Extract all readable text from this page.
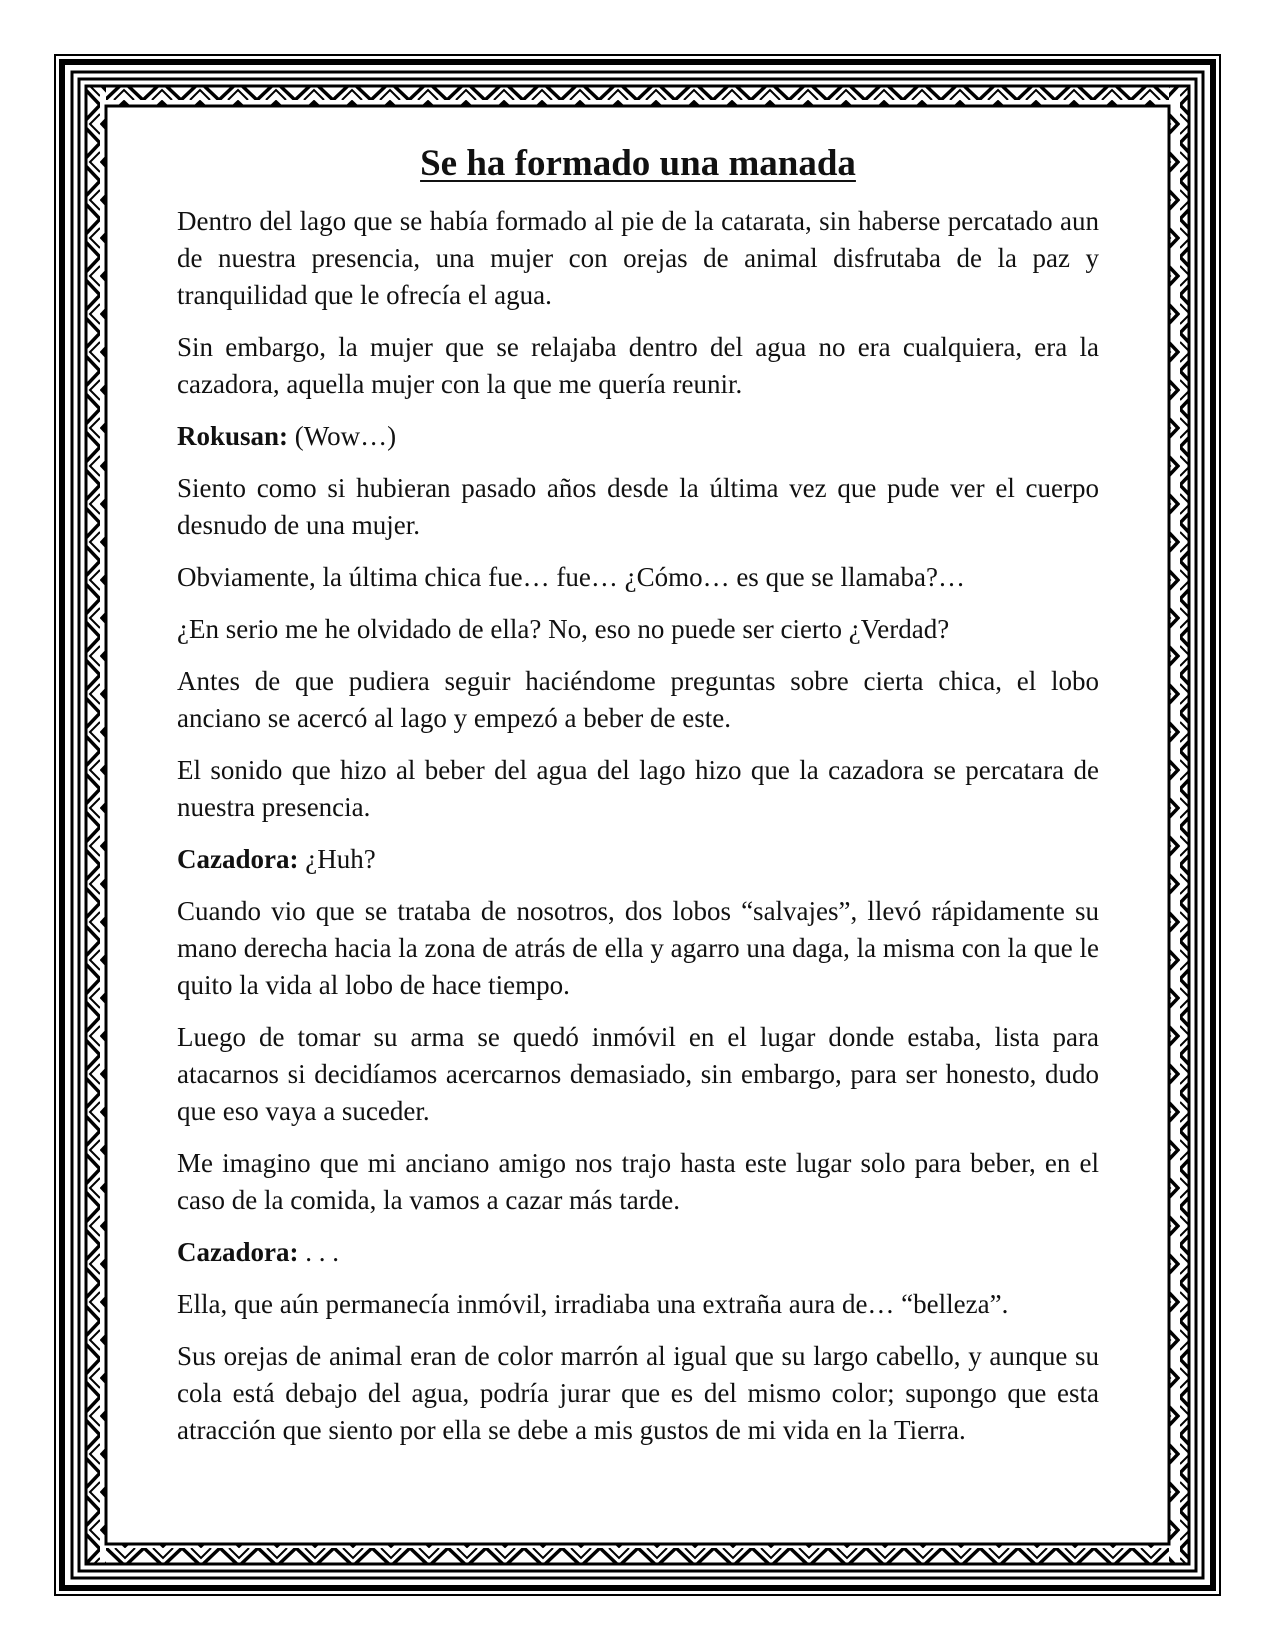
Se ha formado una manada

Dentro del lago que se había formado al pie de la catarata, sin haberse percatado aun de nuestra presencia, una mujer con orejas de animal disfrutaba de la paz y tranquilidad que le ofrecía el agua.

Sin embargo, la mujer que se relajaba dentro del agua no era cualquiera, era la cazadora, aquella mujer con la que me quería reunir.

Rokusan: (Wow…)

Siento como si hubieran pasado años desde la última vez que pude ver el cuerpo desnudo de una mujer.

Obviamente, la última chica fue… fue… ¿Cómo… es que se llamaba?…

¿En serio me he olvidado de ella? No, eso no puede ser cierto ¿Verdad?

Antes de que pudiera seguir haciéndome preguntas sobre cierta chica, el lobo anciano se acercó al lago y empezó a beber de este.

El sonido que hizo al beber del agua del lago hizo que la cazadora se percatara de nuestra presencia.

Cazadora: ¿Huh?

Cuando vio que se trataba de nosotros, dos lobos “salvajes”, llevó rápidamente su mano derecha hacia la zona de atrás de ella y agarro una daga, la misma con la que le quito la vida al lobo de hace tiempo.

Luego de tomar su arma se quedó inmóvil en el lugar donde estaba, lista para atacarnos si decidíamos acercarnos demasiado, sin embargo, para ser honesto, dudo que eso vaya a suceder.

Me imagino que mi anciano amigo nos trajo hasta este lugar solo para beber, en el caso de la comida, la vamos a cazar más tarde.

Cazadora: . . .

Ella, que aún permanecía inmóvil, irradiaba una extraña aura de… “belleza”.

Sus orejas de animal eran de color marrón al igual que su largo cabello, y aunque su cola está debajo del agua, podría jurar que es del mismo color; supongo que esta atracción que siento por ella se debe a mis gustos de mi vida en la Tierra.
